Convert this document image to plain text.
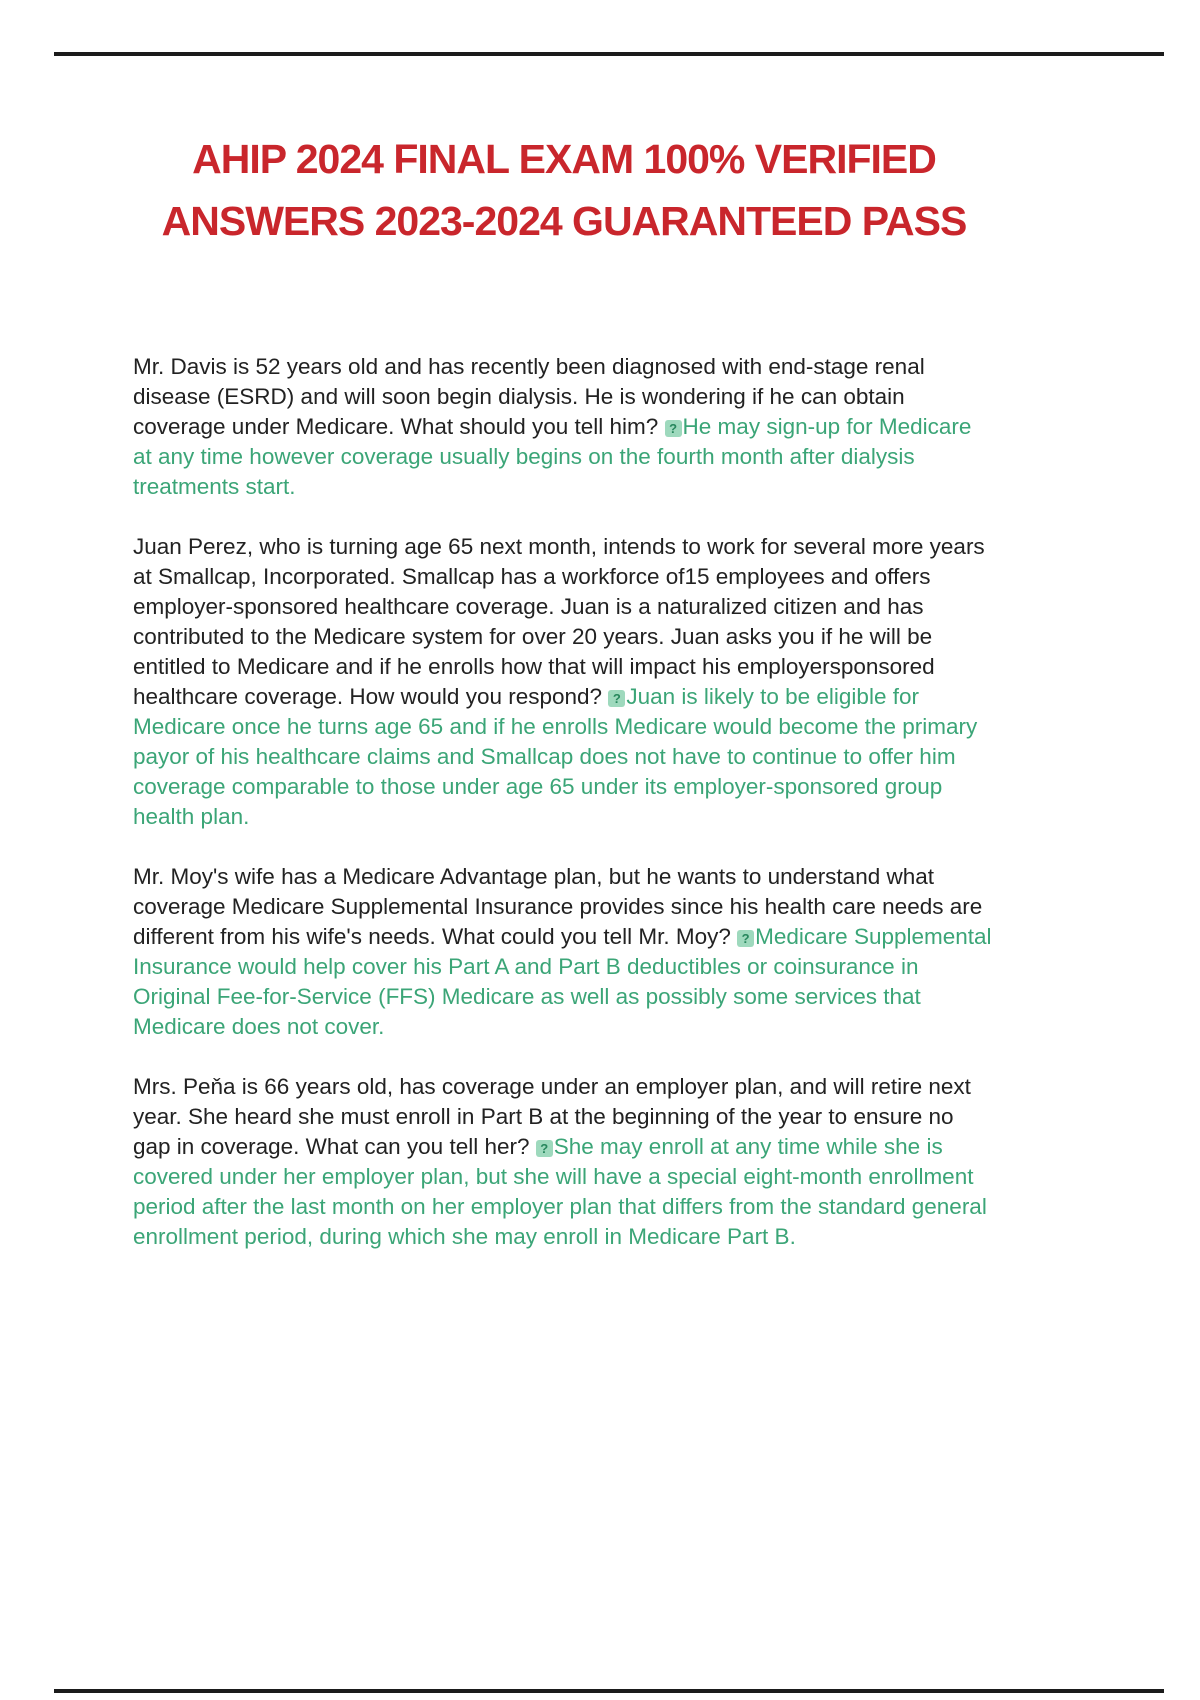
AHIP 2024 FINAL EXAM 100% VERIFIED
ANSWERS 2023-2024 GUARANTEED PASS

Mr. Davis is 52 years old and has recently been diagnosed with end-stage renal disease (ESRD) and will soon begin dialysis. He is wondering if he can obtain coverage under Medicare. What should you tell him? ? He may sign-up for Medicare at any time however coverage usually begins on the fourth month after dialysis treatments start.

Juan Perez, who is turning age 65 next month, intends to work for several more years at Smallcap, Incorporated. Smallcap has a workforce of15 employees and offers employer-sponsored healthcare coverage. Juan is a naturalized citizen and has contributed to the Medicare system for over 20 years. Juan asks you if he will be entitled to Medicare and if he enrolls how that will impact his employersponsored healthcare coverage. How would you respond? ? Juan is likely to be eligible for Medicare once he turns age 65 and if he enrolls Medicare would become the primary payor of his healthcare claims and Smallcap does not have to continue to offer him coverage comparable to those under age 65 under its employer-sponsored group health plan.

Mr. Moy's wife has a Medicare Advantage plan, but he wants to understand what coverage Medicare Supplemental Insurance provides since his health care needs are different from his wife's needs. What could you tell Mr. Moy? ? Medicare Supplemental Insurance would help cover his Part A and Part B deductibles or coinsurance in Original Fee-for-Service (FFS) Medicare as well as possibly some services that Medicare does not cover.

Mrs. Peňa is 66 years old, has coverage under an employer plan, and will retire next year. She heard she must enroll in Part B at the beginning of the year to ensure no gap in coverage. What can you tell her? ? She may enroll at any time while she is covered under her employer plan, but she will have a special eight-month enrollment period after the last month on her employer plan that differs from the standard general enrollment period, during which she may enroll in Medicare Part B.
